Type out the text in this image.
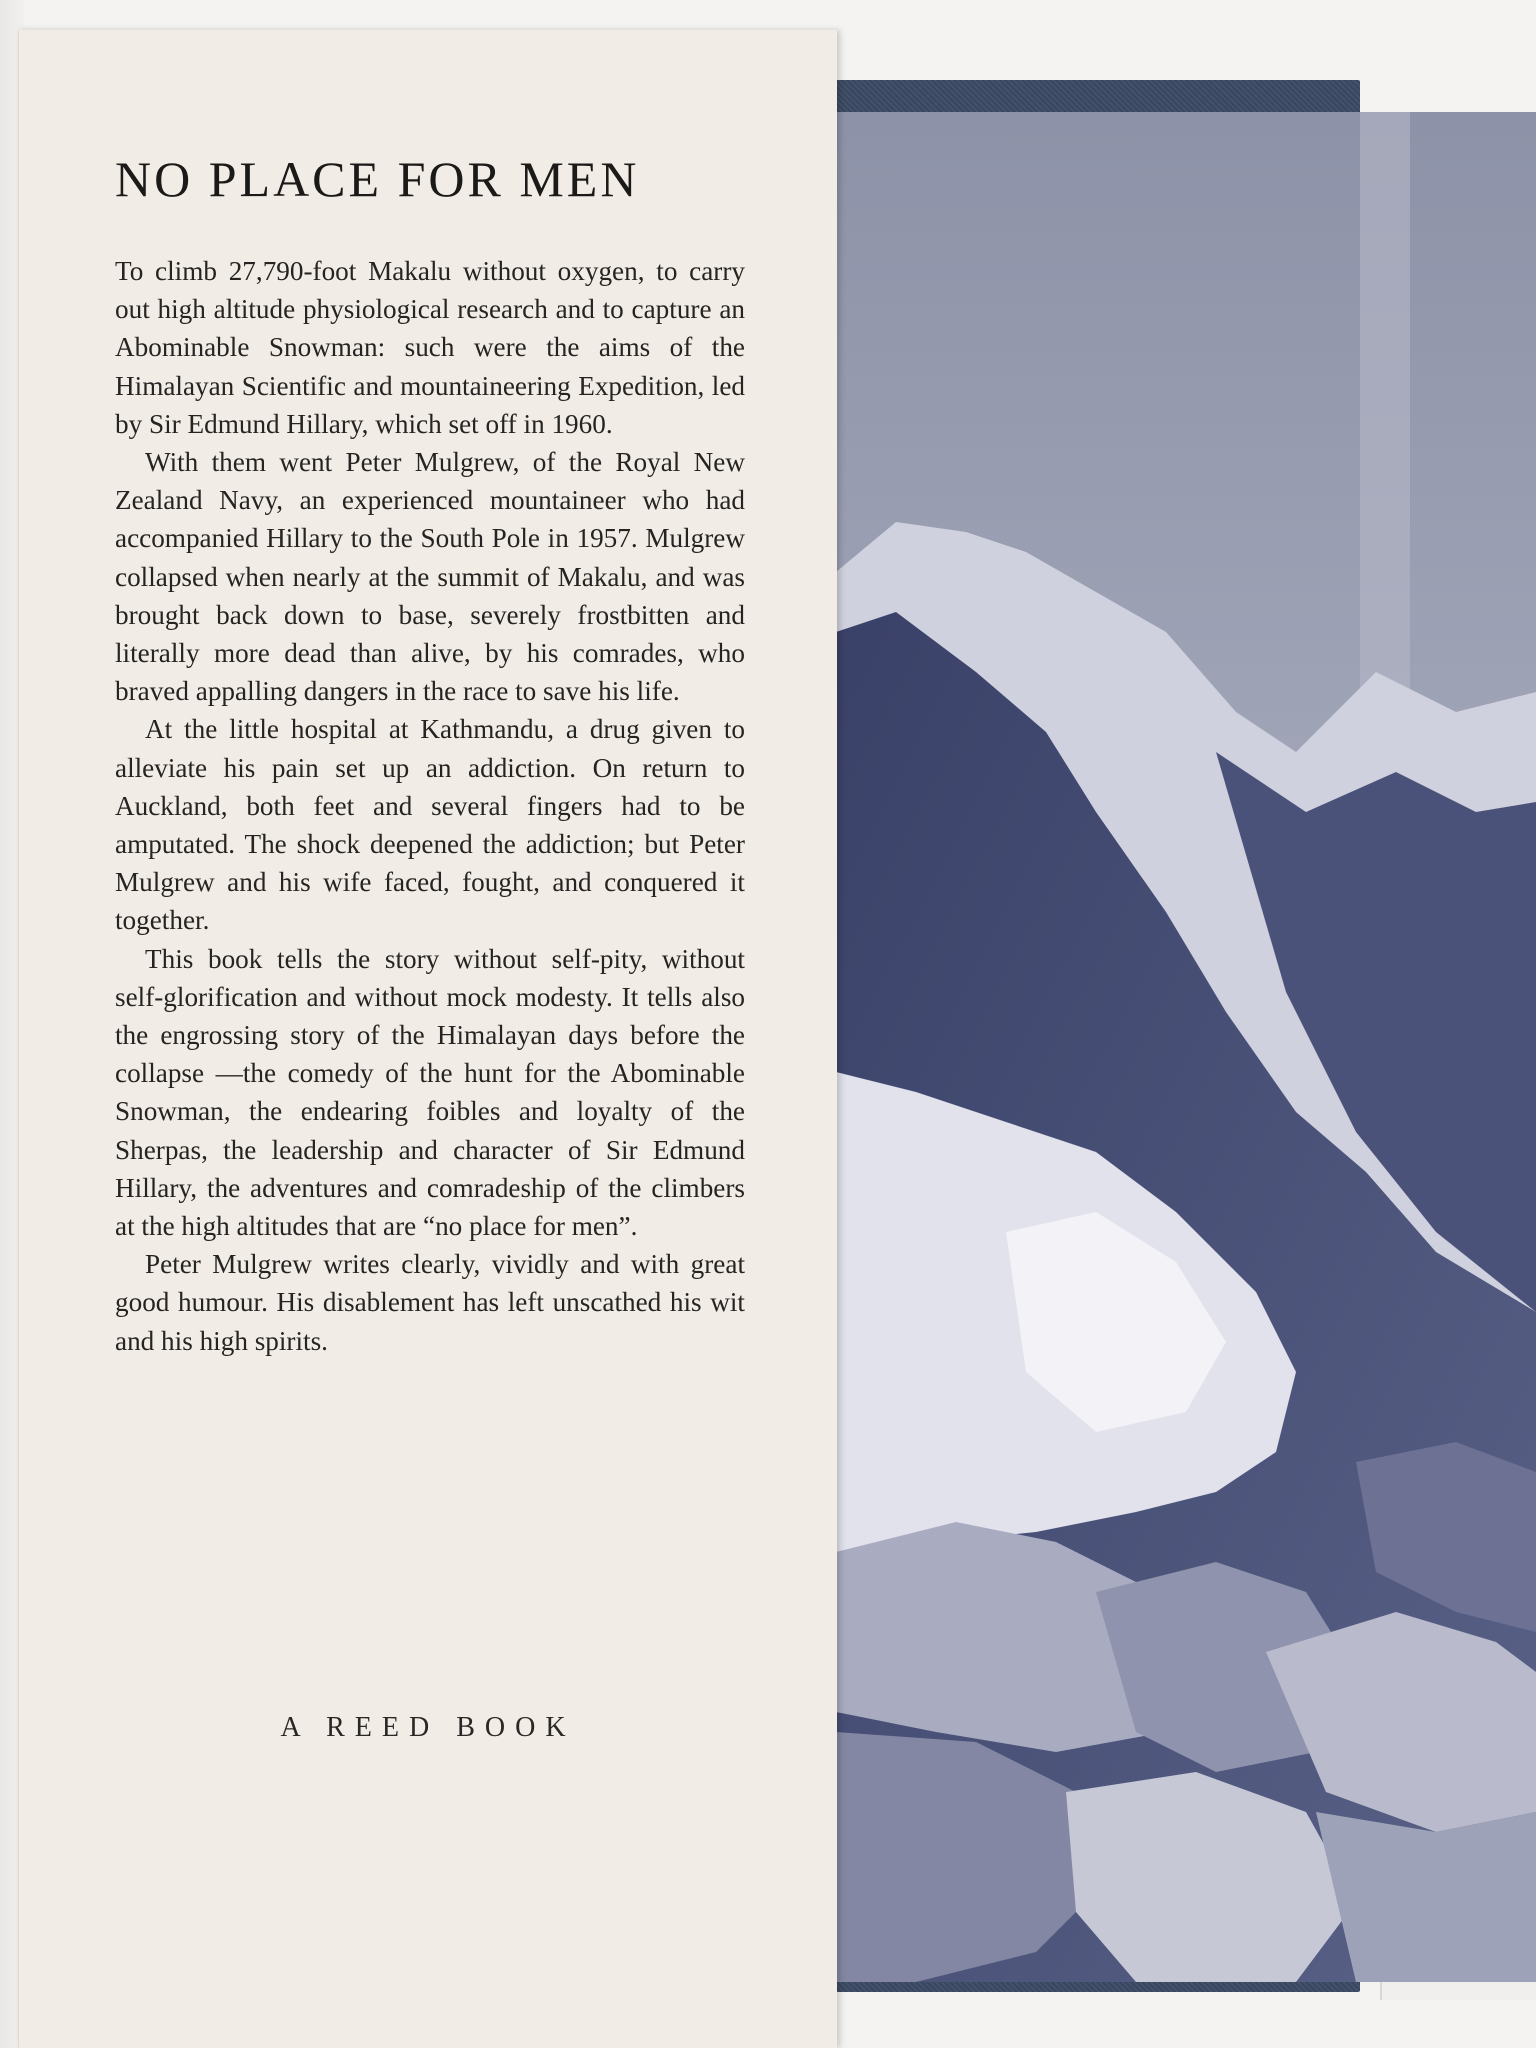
NO PLACE FOR MEN

To climb 27,790-foot Makalu without oxygen, to carry out high altitude physiological research and to capture an Abominable Snowman: such were the aims of the Himalayan Scientific and mountaineering Expedition, led by Sir Edmund Hillary, which set off in 1960.

With them went Peter Mulgrew, of the Royal New Zealand Navy, an experienced mountaineer who had accompanied Hillary to the South Pole in 1957. Mulgrew collapsed when nearly at the summit of Makalu, and was brought back down to base, severely frostbitten and literally more dead than alive, by his comrades, who braved appalling dangers in the race to save his life.

At the little hospital at Kathmandu, a drug given to alleviate his pain set up an addiction. On return to Auckland, both feet and several fingers had to be amputated. The shock deepened the addiction; but Peter Mulgrew and his wife faced, fought, and conquered it together.

This book tells the story without self-pity, without self-glorification and without mock modesty. It tells also the engrossing story of the Himalayan days before the collapse —the comedy of the hunt for the Abominable Snowman, the endearing foibles and loyalty of the Sherpas, the leadership and character of Sir Edmund Hillary, the adventures and comradeship of the climbers at the high altitudes that are “no place for men”.

Peter Mulgrew writes clearly, vividly and with great good humour. His disablement has left unscathed his wit and his high spirits.

A REED BOOK
